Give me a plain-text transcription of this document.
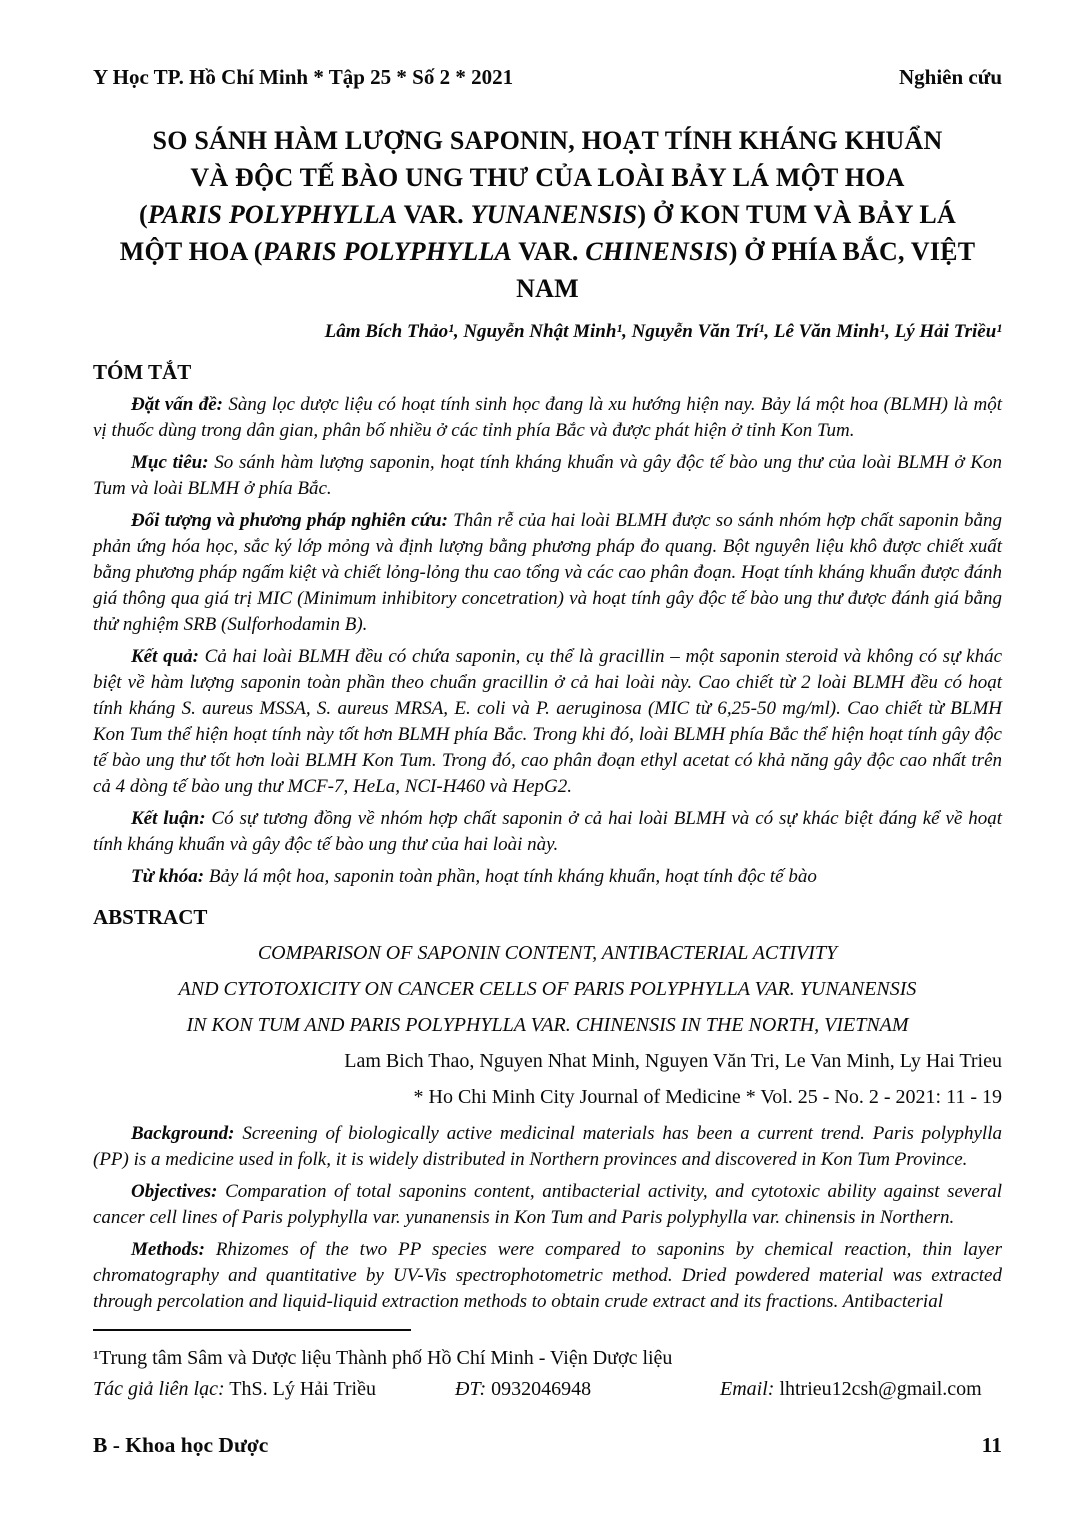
Y Học TP. Hồ Chí Minh * Tập 25 * Số 2 * 2021	Nghiên cứu
SO SÁNH HÀM LƯỢNG SAPONIN, HOẠT TÍNH KHÁNG KHUẨN
VÀ ĐỘC TẾ BÀO UNG THƯ CỦA LOÀI BẢY LÁ MỘT HOA
(PARIS POLYPHYLLA VAR. YUNANENSIS) Ở KON TUM VÀ BẢY LÁ
MỘT HOA (PARIS POLYPHYLLA VAR. CHINENSIS) Ở PHÍA BẮC, VIỆT NAM
Lâm Bích Thảo¹, Nguyễn Nhật Minh¹, Nguyễn Văn Trí¹, Lê Văn Minh¹, Lý Hải Triều¹
TÓM TẮT

Đặt vấn đề: Sàng lọc dược liệu có hoạt tính sinh học đang là xu hướng hiện nay. Bảy lá một hoa (BLMH) là một vị thuốc dùng trong dân gian, phân bố nhiều ở các tỉnh phía Bắc và được phát hiện ở tỉnh Kon Tum.

Mục tiêu: So sánh hàm lượng saponin, hoạt tính kháng khuẩn và gây độc tế bào ung thư của loài BLMH ở Kon Tum và loài BLMH ở phía Bắc.

Đối tượng và phương pháp nghiên cứu: Thân rễ của hai loài BLMH được so sánh nhóm hợp chất saponin bằng phản ứng hóa học, sắc ký lớp mỏng và định lượng bằng phương pháp đo quang. Bột nguyên liệu khô được chiết xuất bằng phương pháp ngấm kiệt và chiết lỏng-lỏng thu cao tổng và các cao phân đoạn. Hoạt tính kháng khuẩn được đánh giá thông qua giá trị MIC (Minimum inhibitory concetration) và hoạt tính gây độc tế bào ung thư được đánh giá bằng thử nghiệm SRB (Sulforhodamin B).

Kết quả: Cả hai loài BLMH đều có chứa saponin, cụ thể là gracillin – một saponin steroid và không có sự khác biệt về hàm lượng saponin toàn phần theo chuẩn gracillin ở cả hai loài này. Cao chiết từ 2 loài BLMH đều có hoạt tính kháng S. aureus MSSA, S. aureus MRSA, E. coli và P. aeruginosa (MIC từ 6,25-50 mg/ml). Cao chiết từ BLMH Kon Tum thể hiện hoạt tính này tốt hơn BLMH phía Bắc. Trong khi đó, loài BLMH phía Bắc thể hiện hoạt tính gây độc tế bào ung thư tốt hơn loài BLMH Kon Tum. Trong đó, cao phân đoạn ethyl acetat có khả năng gây độc cao nhất trên cả 4 dòng tế bào ung thư MCF-7, HeLa, NCI-H460 và HepG2.

Kết luận: Có sự tương đồng về nhóm hợp chất saponin ở cả hai loài BLMH và có sự khác biệt đáng kể về hoạt tính kháng khuẩn và gây độc tế bào ung thư của hai loài này.

Từ khóa: Bảy lá một hoa, saponin toàn phần, hoạt tính kháng khuẩn, hoạt tính độc tế bào

ABSTRACT
COMPARISON OF SAPONIN CONTENT, ANTIBACTERIAL ACTIVITY
AND CYTOTOXICITY ON CANCER CELLS OF PARIS POLYPHYLLA VAR. YUNANENSIS
IN KON TUM AND PARIS POLYPHYLLA VAR. CHINENSIS IN THE NORTH, VIETNAM
Lam Bich Thao, Nguyen Nhat Minh, Nguyen Văn Tri, Le Van Minh, Ly Hai Trieu
* Ho Chi Minh City Journal of Medicine * Vol. 25 - No. 2 - 2021: 11 - 19

Background: Screening of biologically active medicinal materials has been a current trend. Paris polyphylla (PP) is a medicine used in folk, it is widely distributed in Northern provinces and discovered in Kon Tum Province.

Objectives: Comparation of total saponins content, antibacterial activity, and cytotoxic ability against several cancer cell lines of Paris polyphylla var. yunanensis in Kon Tum and Paris polyphylla var. chinensis in Northern.

Methods: Rhizomes of the two PP species were compared to saponins by chemical reaction, thin layer chromatography and quantitative by UV-Vis spectrophotometric method. Dried powdered material was extracted through percolation and liquid-liquid extraction methods to obtain crude extract and its fractions. Antibacterial

¹Trung tâm Sâm và Dược liệu Thành phố Hồ Chí Minh - Viện Dược liệu
Tác giả liên lạc: ThS. Lý Hải Triều	ĐT: 0932046948	Email: lhtrieu12csh@gmail.com
B - Khoa học Dược	11
